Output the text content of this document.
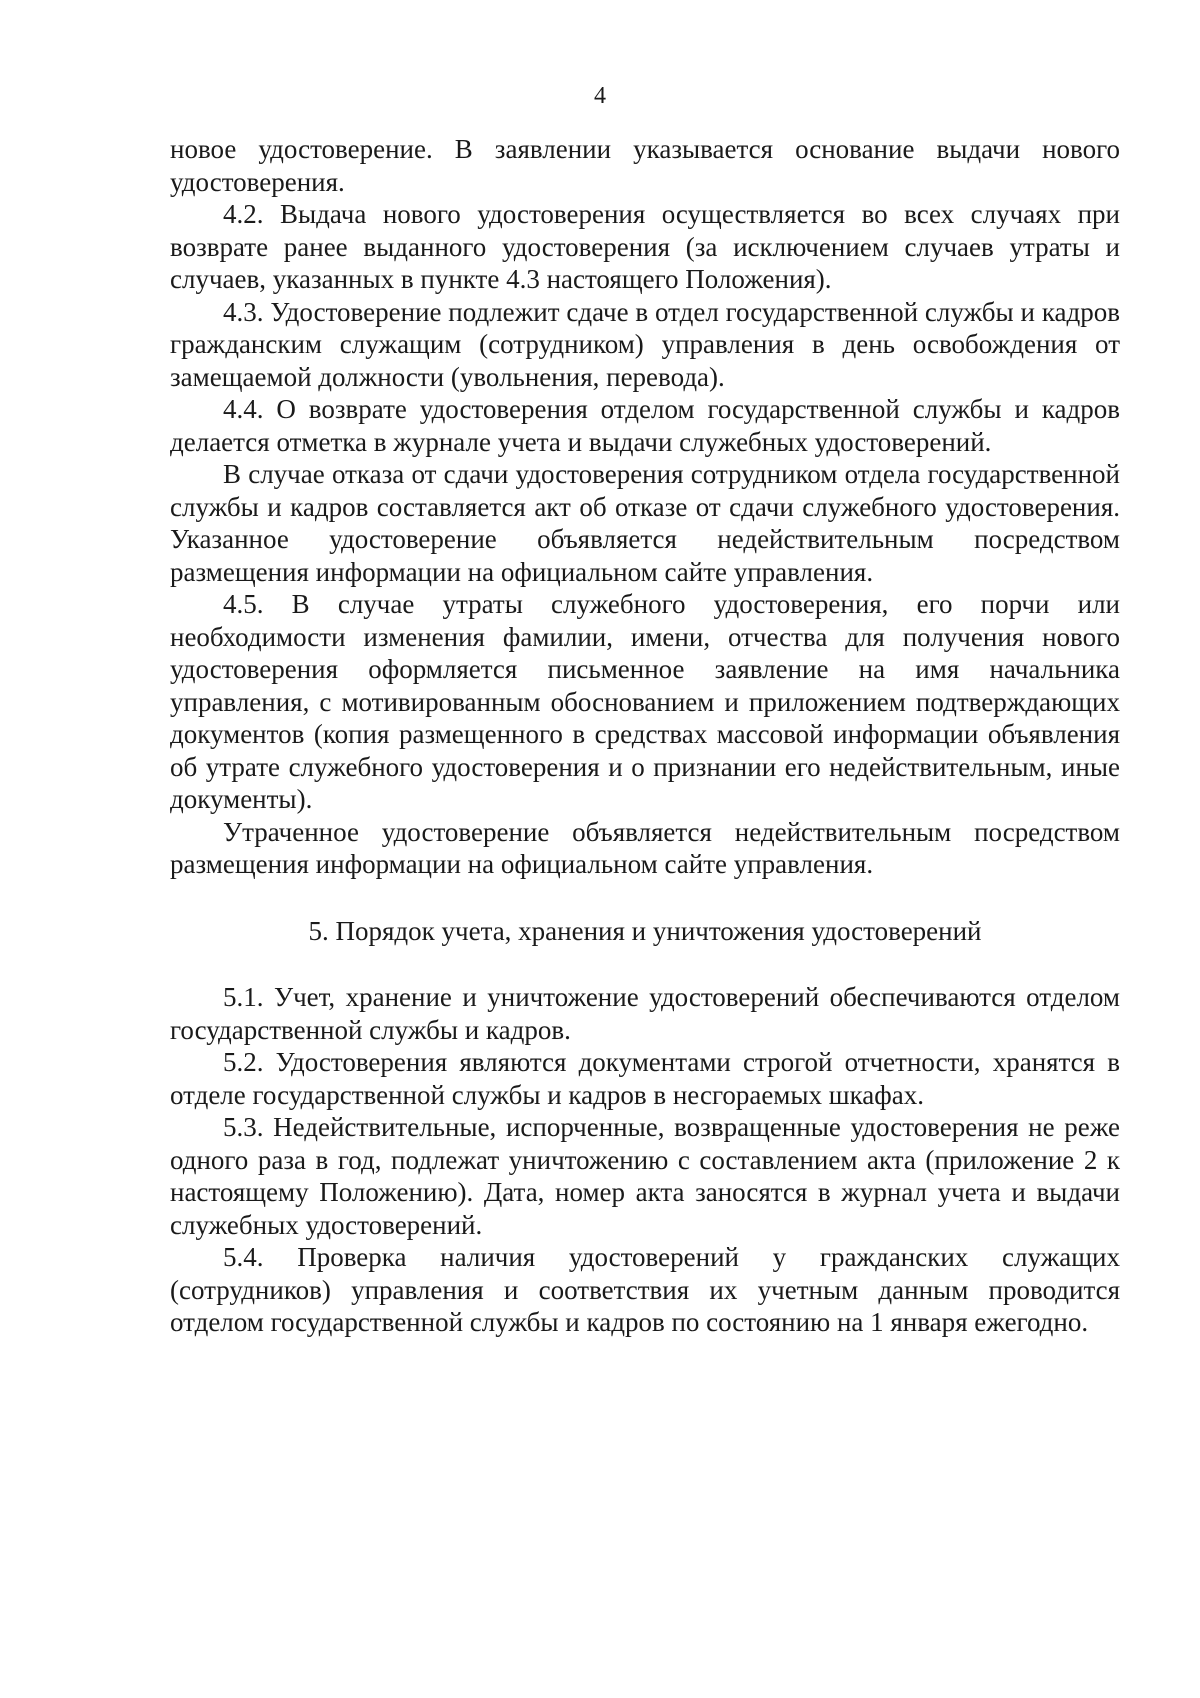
4

новое удостоверение. В заявлении указывается основание выдачи нового удостоверения.

4.2. Выдача нового удостоверения осуществляется во всех случаях при возврате ранее выданного удостоверения (за исключением случаев утраты и случаев, указанных в пункте 4.3 настоящего Положения).

4.3. Удостоверение подлежит сдаче в отдел государственной службы и кадров гражданским служащим (сотрудником) управления в день освобождения от замещаемой должности (увольнения, перевода).

4.4. О возврате удостоверения отделом государственной службы и кадров делается отметка в журнале учета и выдачи служебных удостоверений.

В случае отказа от сдачи удостоверения сотрудником отдела государственной службы и кадров составляется акт об отказе от сдачи служебного удостоверения. Указанное удостоверение объявляется недействительным посредством размещения информации на официальном сайте управления.

4.5. В случае утраты служебного удостоверения, его порчи или необходимости изменения фамилии, имени, отчества для получения нового удостоверения оформляется письменное заявление на имя начальника управления, с мотивированным обоснованием и приложением подтверждающих документов (копия размещенного в средствах массовой информации объявления об утрате служебного удостоверения и о признании его недействительным, иные документы).

Утраченное удостоверение объявляется недействительным посредством размещения информации на официальном сайте управления.

5. Порядок учета, хранения и уничтожения удостоверений

5.1. Учет, хранение и уничтожение удостоверений обеспечиваются отделом государственной службы и кадров.

5.2. Удостоверения являются документами строгой отчетности, хранятся в отделе государственной службы и кадров в несгораемых шкафах.

5.3. Недействительные, испорченные, возвращенные удостоверения не реже одного раза в год, подлежат уничтожению с составлением акта (приложение 2 к настоящему Положению). Дата, номер акта заносятся в журнал учета и выдачи служебных удостоверений.

5.4. Проверка наличия удостоверений у гражданских служащих (сотрудников) управления и соответствия их учетным данным проводится отделом государственной службы и кадров по состоянию на 1 января ежегодно.
